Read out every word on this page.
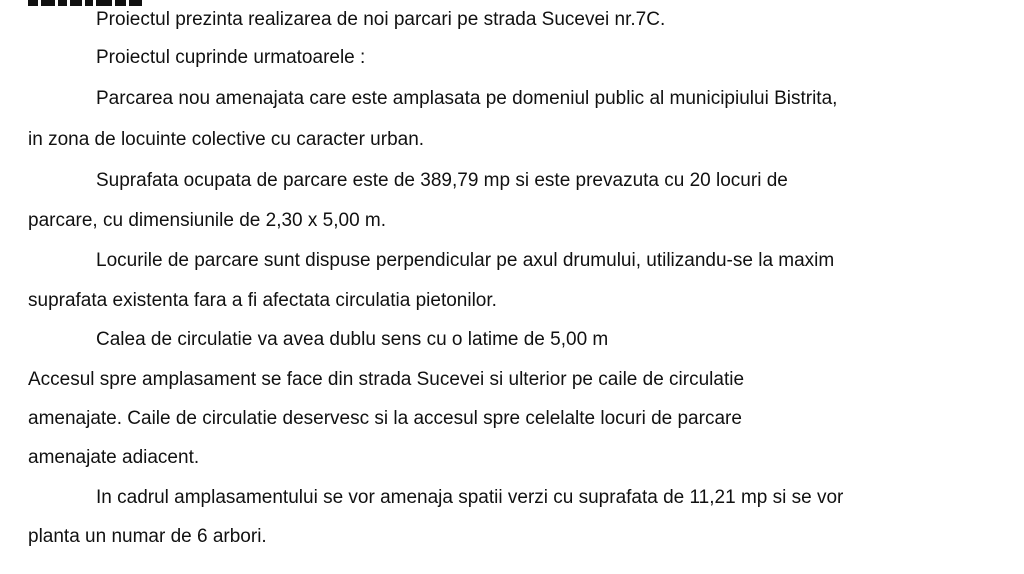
Proiectul prezinta realizarea de noi parcari pe strada Sucevei nr.7C.

Proiectul cuprinde urmatoarele :

Parcarea nou amenajata care este amplasata pe domeniul public al municipiului Bistrita,

in zona de locuinte colective cu caracter urban.

Suprafata ocupata de parcare este de 389,79 mp si este prevazuta cu 20 locuri de

parcare, cu dimensiunile de 2,30 x 5,00 m.

Locurile de parcare sunt dispuse perpendicular pe axul drumului, utilizandu-se la maxim

suprafata existenta fara a fi afectata circulatia pietonilor.

Calea de circulatie va avea dublu sens cu o latime de 5,00 m

Accesul spre amplasament se face din strada Sucevei si ulterior pe caile de circulatie

amenajate. Caile de circulatie deservesc si la accesul spre celelalte locuri de parcare

amenajate adiacent.

In cadrul amplasamentului se vor amenaja spatii verzi cu suprafata de 11,21 mp si se vor

planta un numar de 6 arbori.
